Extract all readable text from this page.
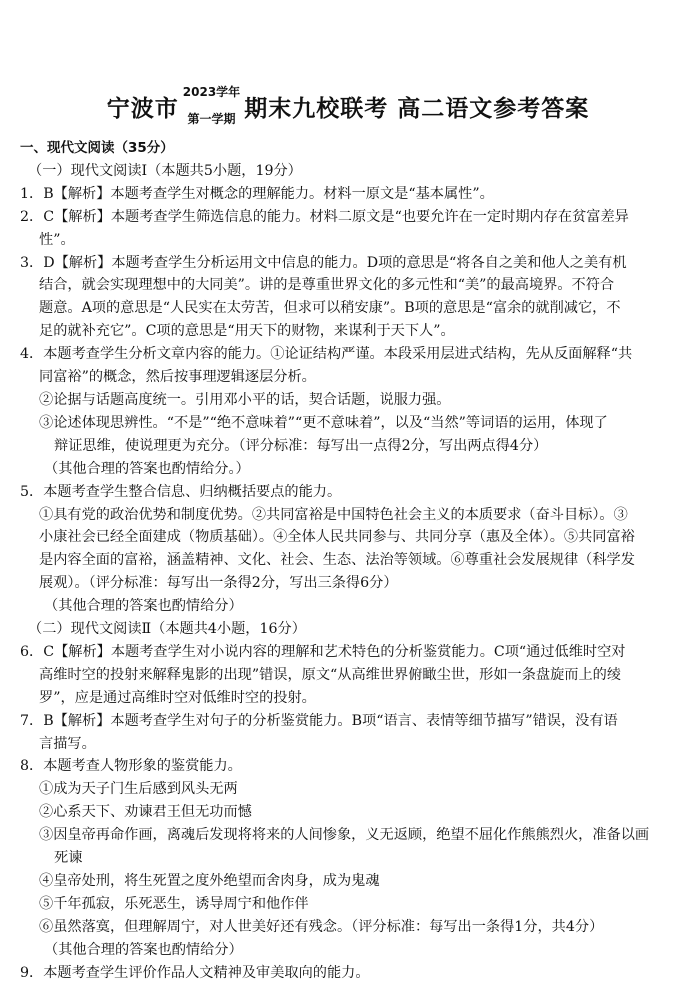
宁波市
2023学年
第一学期 期末九校联考 高二语文参考答案
一、现代文阅读（35分）
（一）现代文阅读Ⅰ（本题共5小题，19分）
1．B【解析】本题考查学生对概念的理解能力。材料一原文是“基本属性”。
2．C【解析】本题考查学生筛选信息的能力。材料二原文是“也要允许在一定时期内存在贫富差异
性”。
3．D【解析】本题考查学生分析运用文中信息的能力。D项的意思是“将各自之美和他人之美有机
结合，就会实现理想中的大同美”。讲的是尊重世界文化的多元性和“美”的最高境界。不符合
题意。A项的意思是“人民实在太劳苦，但求可以稍安康”。B项的意思是“富余的就削减它，不
足的就补充它”。C项的意思是“用天下的财物，来谋利于天下人”。
4．本题考查学生分析文章内容的能力。①论证结构严谨。本段采用层进式结构，先从反面解释“共
同富裕”的概念，然后按事理逻辑逐层分析。
②论据与话题高度统一。引用邓小平的话，契合话题，说服力强。
③论述体现思辨性。“不是”“绝不意味着”“更不意味着”，以及“当然”等词语的运用，体现了
辩证思维，使说理更为充分。（评分标准：每写出一点得2分，写出两点得4分）
（其他合理的答案也酌情给分。）
5．本题考查学生整合信息、归纳概括要点的能力。
①具有党的政治优势和制度优势。②共同富裕是中国特色社会主义的本质要求（奋斗目标）。③
小康社会已经全面建成（物质基础）。④全体人民共同参与、共同分享（惠及全体）。⑤共同富裕
是内容全面的富裕，涵盖精神、文化、社会、生态、法治等领域。⑥尊重社会发展规律（科学发
展观）。（评分标准：每写出一条得2分，写出三条得6分）
（其他合理的答案也酌情给分）
（二）现代文阅读Ⅱ（本题共4小题，16分）
6．C【解析】本题考查学生对小说内容的理解和艺术特色的分析鉴赏能力。C项“通过低维时空对
高维时空的投射来解释鬼影的出现”错误，原文“从高维世界俯瞰尘世，形如一条盘旋而上的绫
罗”，应是通过高维时空对低维时空的投射。
7．B【解析】本题考查学生对句子的分析鉴赏能力。B项“语言、表情等细节描写”错误，没有语
言描写。
8．本题考查人物形象的鉴赏能力。
①成为天子门生后感到风头无两
②心系天下、劝谏君王但无功而憾
③因皇帝再命作画，离魂后发现将将来的人间惨象，义无返顾，绝望不屈化作熊熊烈火，准备以画
死谏
④皇帝处刑，将生死置之度外绝望而舍肉身，成为鬼魂
⑤千年孤寂，乐死恶生，诱导周宁和他作伴
⑥虽然落寞，但理解周宁，对人世美好还有残念。（评分标准：每写出一条得1分，共4分）
（其他合理的答案也酌情给分）
9．本题考查学生评价作品人文精神及审美取向的能力。
